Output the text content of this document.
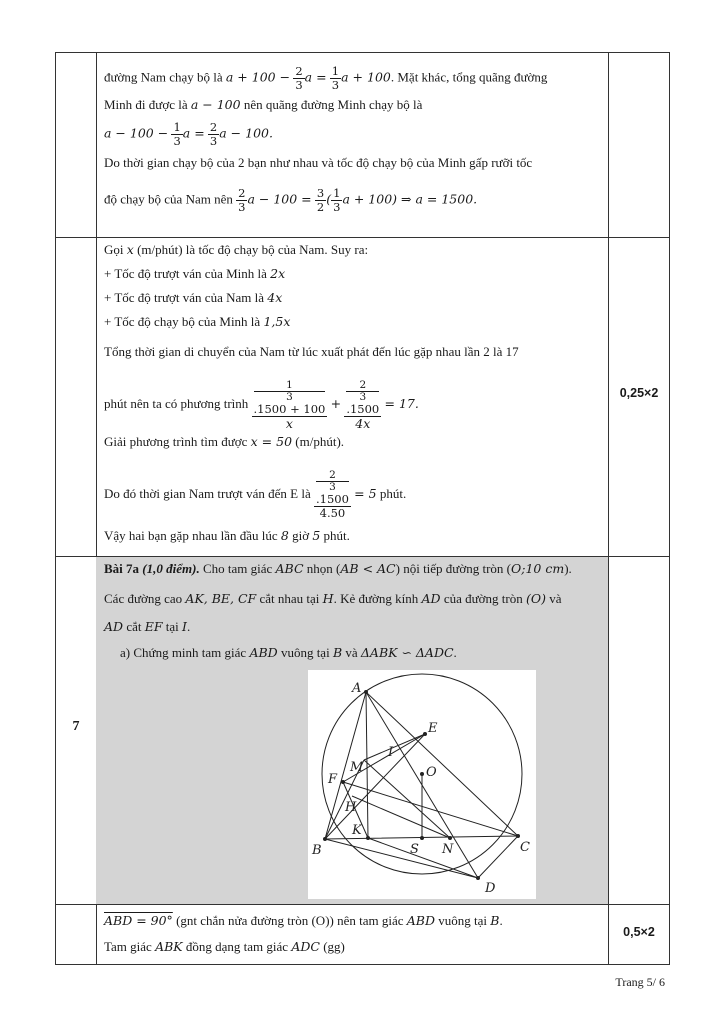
đường Nam chạy bộ là $a + 100 - \frac{2}{3}$ $a = \frac{1}{3}$ a + 100. Mặt khác, tổng quãng đường
Minh đi được là a − 100 nên quãng đường Minh chạy bộ là
$a - 100 - \frac{1}{3}$ $a = \frac{2}{3}$ a − 100.
Do thời gian chạy bộ của 2 bạn như nhau và tốc độ chạy bộ của Minh gấp rưỡi tốc
độ chạy bộ của Nam nên $\frac{2}{3}$ $a - 100 = \frac{3}{2}$ ( $\frac{1}{3}$ a + 100) ⇒ a = 1500.
Gọi x (m/phút) là tốc độ chạy bộ của Nam. Suy ra:
+ Tốc độ trượt ván của Minh là 2x
+ Tốc độ trượt ván của Nam là 4x
+ Tốc độ chạy bộ của Minh là 1,5x
Tổng thời gian di chuyển của Nam từ lúc xuất phát đến lúc gặp nhau lần 2 là 17
phút nên ta có phương trình 1
3
.1500 + 100
x + 2
3
.1500
4x = 17.
Giải phương trình tìm được x = 50 (m/phút).
Do đó thời gian Nam trượt ván đến E là 2
3
.1500
4.50 = 5 phút.
Vậy hai bạn gặp nhau lần đầu lúc 8 giờ 5 phút.
0,25×2
7
Bài 7a (1,0 điểm). Cho tam giác ABC nhọn (AB < AC) nội tiếp đường tròn (O;10 cm).
Các đường cao AK, BE, CF cắt nhau tại H. Kẻ đường kính AD của đường tròn (O) và
AD cắt EF tại I.
a) Chứng minh tam giác ABD vuông tại B và ΔABK ∽ ΔADC.
A
B	C
D
E
F
H
I
K
M
N
O
S
ABD = 90° (gnt chắn nửa đường tròn (O)) nên tam giác ABD vuông tại B.
Tam giác ABK đồng dạng tam giác ADC (gg)
0,5×2
Trang 5/ 6
